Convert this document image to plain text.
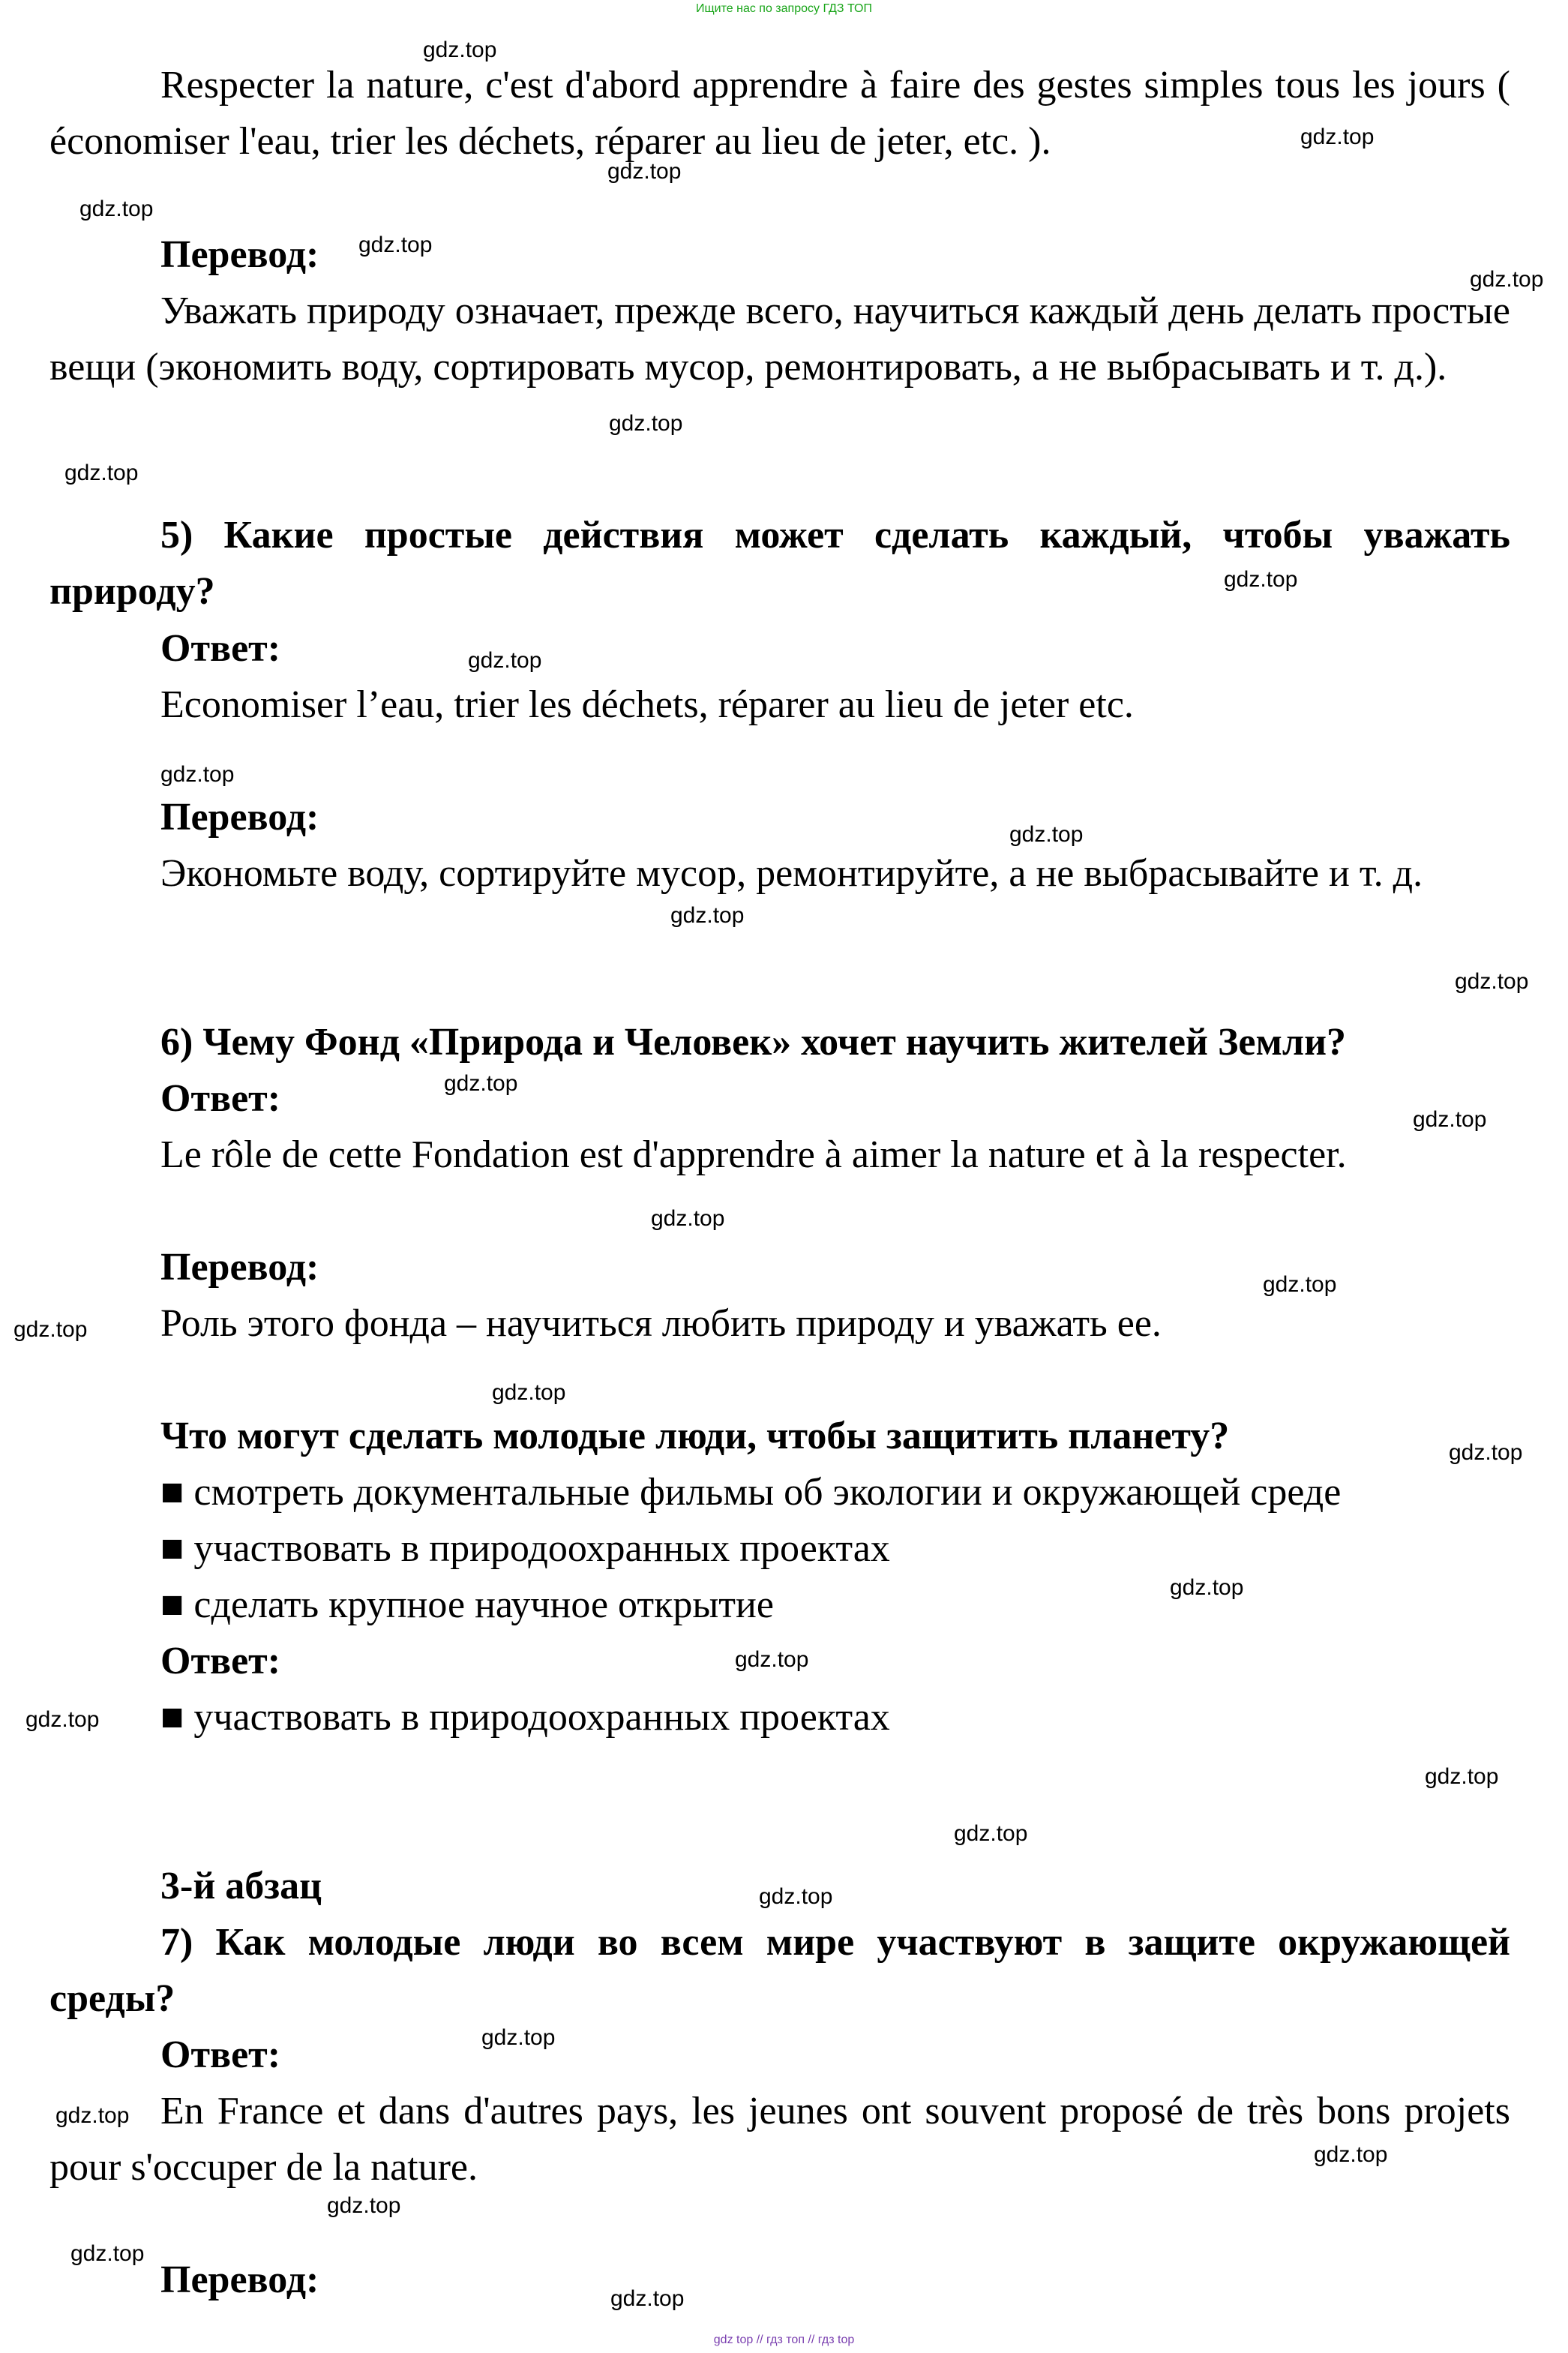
Ищите нас по запросу ГДЗ ТОП

Respecter la nature, c'est d'abord apprendre à faire des gestes simples tous les jours ( économiser l'eau, trier les déchets, réparer au lieu de jeter, etc. ).

Перевод:

Уважать природу означает, прежде всего, научиться каждый день делать простые вещи (экономить воду, сортировать мусор, ремонтировать, а не выбрасывать и т. д.).

5) Какие простые действия может сделать каждый, чтобы уважать природу?

Ответ:

Economiser l’eau, trier les déchets, réparer au lieu de jeter etc.

Перевод:

Экономьте воду, сортируйте мусор, ремонтируйте, а не выбрасывайте и т. д.

6) Чему Фонд «Природа и Человек» хочет научить жителей Земли?

Ответ:

Le rôle de cette Fondation est d'apprendre à aimer la nature et à la respecter.

Перевод:

Роль этого фонда – научиться любить природу и уважать ее.

Что могут сделать молодые люди, чтобы защитить планету?

■ смотреть документальные фильмы об экологии и окружающей среде

■ участвовать в природоохранных проектах

■ сделать крупное научное открытие

Ответ:

■ участвовать в природоохранных проектах

3-й абзац

7) Как молодые люди во всем мире участвуют в защите окружающей среды?

Ответ:

En France et dans d'autres pays, les jeunes ont souvent proposé de très bons projets pour s'occuper de la nature.

Перевод:

gdz.top
gdz.top
gdz.top
gdz.top
gdz.top
gdz.top
gdz.top
gdz.top
gdz.top
gdz.top
gdz.top
gdz.top
gdz.top
gdz.top
gdz.top
gdz.top
gdz.top
gdz.top
gdz.top
gdz.top
gdz.top
gdz.top
gdz.top
gdz.top
gdz.top
gdz.top
gdz.top
gdz.top
gdz.top
gdz.top
gdz.top
gdz.top
gdz.top
gdz top // гдз топ // гдз top
